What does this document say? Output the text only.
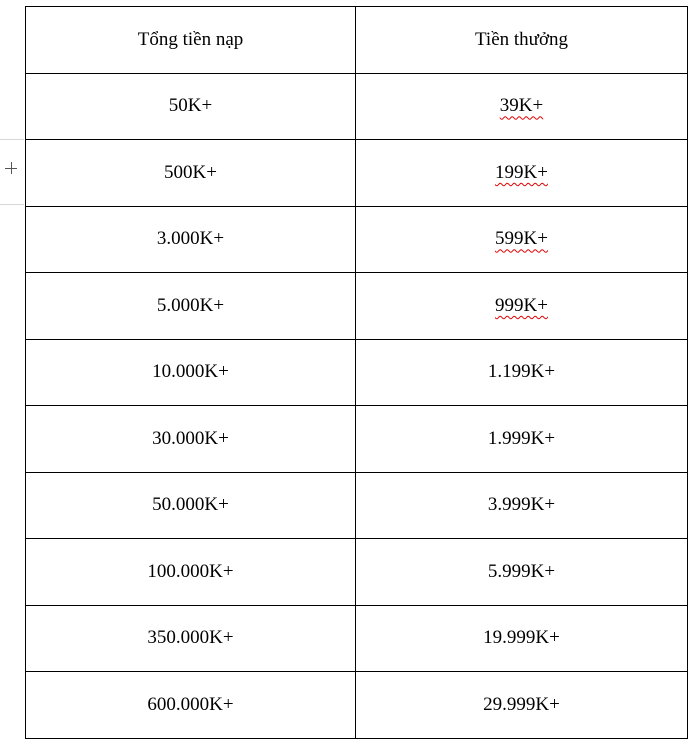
Tổng tiền nạp	Tiền thưởng
50K+	39K+
500K+	199K+
3.000K+	599K+
5.000K+	999K+
10.000K+	1.199K+
30.000K+	1.999K+
50.000K+	3.999K+
100.000K+	5.999K+
350.000K+	19.999K+
600.000K+	29.999K+
